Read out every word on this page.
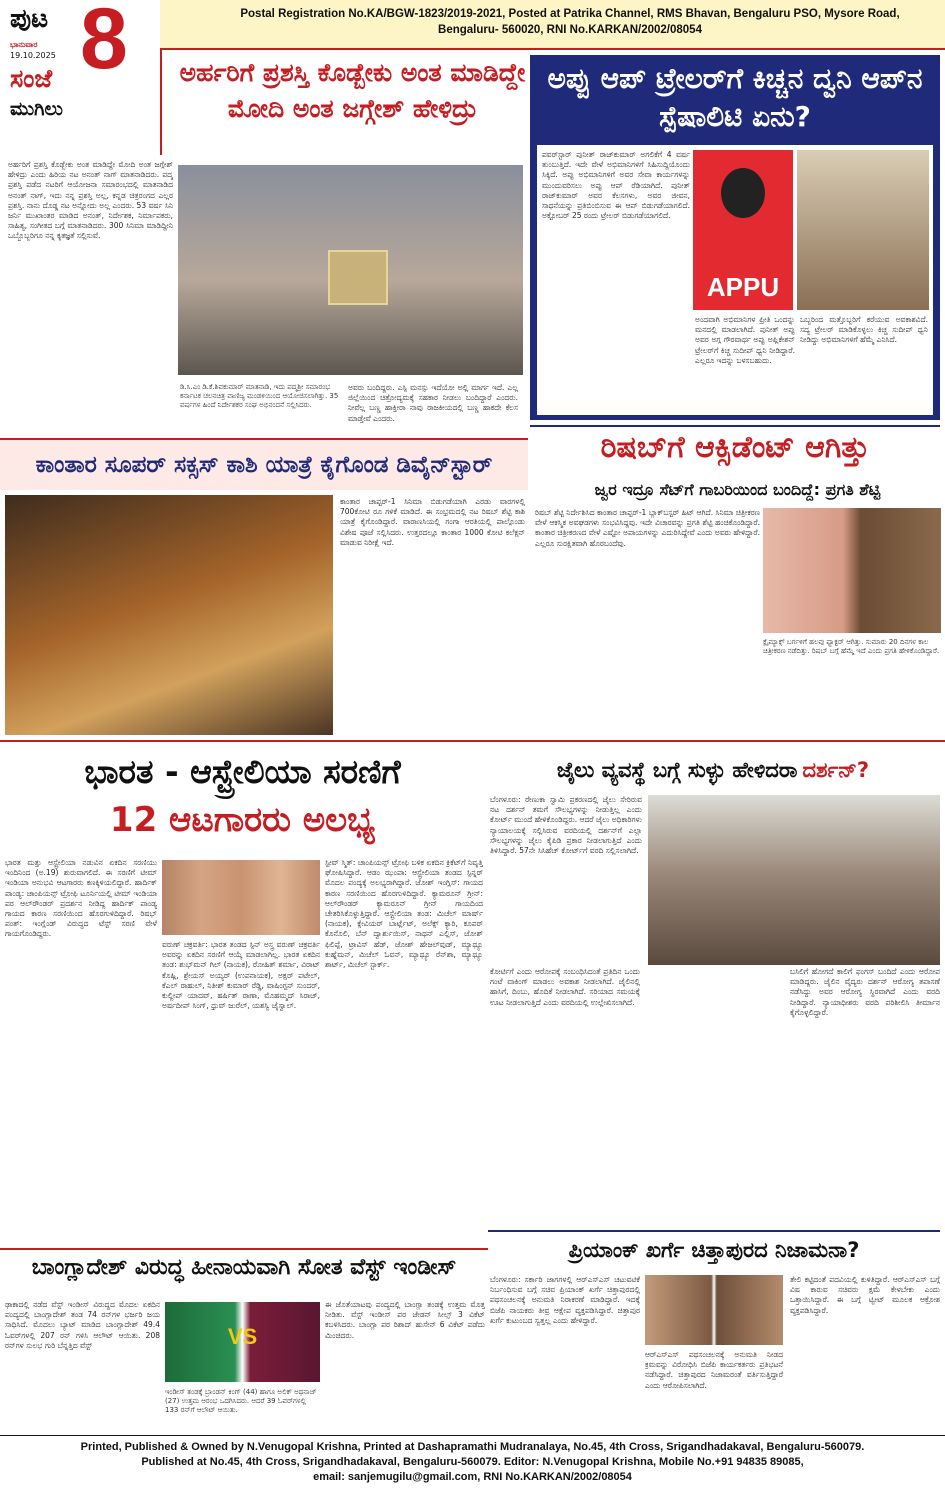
Postal Registration No.KA/BGW-1823/2019-2021, Posted at Patrika Channel, RMS Bhavan, Bengaluru PSO, Mysore Road, Bengaluru- 560020, RNI No.KARKAN/2002/08054
ಪುಟ 8
ಭಾನುವಾರ
19.10.2025
ಸಂಜೆ
ಮುಗಿಲು
ಅರ್ಹರಿಗೆ ಪ್ರಶಸ್ತಿ ಕೊಡ್ಬೇಕು ಅಂತ ಮಾಡಿದ್ದೇ ಮೋದಿ ಅಂತ ಜಗ್ಗೇಶ್ ಹೇಳಿದ್ರು
ಅರ್ಹರಿಗೆ ಪ್ರಶಸ್ತಿ ಕೊಡ್ಬೇಕು ಅಂತ ಮಾಡಿದ್ದೇ ಮೋದಿ ಅಂತ ಜಗ್ಗೇಶ್ ಹೇಳಿದ್ರು ಎಂದು ಹಿರಿಯ ನಟ ಅನಂತ್ ನಾಗ್ ಮಾತನಾಡಿದರು. ಪದ್ಮ ಪ್ರಶಸ್ತಿ ಪಡೆದ ನಟರಿಗೆ ಆಯೋಜನಾ ಸಮಾರಂಭದಲ್ಲಿ ಮಾತನಾಡಿದ ಅನಂತ್ ನಾಗ್, ಇದು ನನ್ನ ಪ್ರಶಸ್ತಿ ಅಲ್ಲ, ಕನ್ನಡ ಚಿತ್ರರಂಗದ ಎಲ್ಲರ ಪ್ರಶಸ್ತಿ. ನಾನು ದೊಡ್ಡ ನಟ ಅನ್ನೋದು ಅಲ್ಲ ಎಂದರು. 53 ವರ್ಷ ಸಿನಿ ಜರ್ನಿ ಮುಖಾಂತರ ಮಾಡಿದ ಅನಂತ್, ನಿರ್ದೇಶಕ, ನಿರ್ಮಾಪಕರು, ಸಾಹಿತ್ಯ, ಸಂಗೀತದ ಬಗ್ಗೆ ಮಾತನಾಡಿದರು. 300 ಸಿನಿಮಾ ಮಾಡಿದ್ದೀನಿ ಒಬ್ಬೊಬ್ಬರಿಗೂ ನನ್ನ ಕೃತಜ್ಞತೆ ಸಲ್ಲಿಸುವೆ.
ಡಿ.ಸಿ.ಎಂ ಡಿ.ಕೆ.ಶಿವಕುಮಾರ್ ಮಾತನಾಡಿ, ಇದು ಪದ್ಮಶ್ರೀ ಸಮಾರಂಭ ಕರ್ನಾಟಕ ಚಲನಚಿತ್ರ ವಾಣಿಜ್ಯ ಮಂಡಳಿಯಿಂದ ಆಯೋಜಿಸಲಾಗಿತ್ತು. 35 ವರ್ಷಗಳ ಹಿಂದೆ ನಿರ್ದೇಶಕರ ಸಂಘ ಅಭಿನಂದನೆ ಸಲ್ಲಿಸಿದರು.
ಅವರು ಬಂದಿದ್ದರು. ಎಸ್ಪಿ ಮನಸ್ಸು ಇದೆಯೋ ಅಲ್ಲಿ ಮಾರ್ಗ ಇದೆ. ಎಲ್ಲ ಜಿಲ್ಲೆಯಿಂದ ಚಿತ್ರೋದ್ಯಮಕ್ಕೆ ಸಹಕಾರ ನೀಡಲು ಬಂದಿದ್ದಾರೆ ಎಂದರು. ನೀವೆಲ್ಲ ಬಣ್ಣ ಹಾಕ್ತೀರಾ ನಾವು ರಾಜಕೀಯದಲ್ಲಿ ಬಣ್ಣ ಹಾಕದೇ ಕೆಲಸ ಮಾಡ್ತೇವೆ ಎಂದರು.
ಅಪ್ಪು ಆಪ್ ಟ್ರೇಲರ್‌ಗೆ ಕಿಚ್ಚನ ದ್ವನಿ ಆಪ್‌ನ ಸ್ಪೆಷಾಲಿಟಿ ಏನು?
ಪವರ್‌ಸ್ಟಾರ್ ಪುನೀತ್ ರಾಜ್‌ಕುಮಾರ್ ಅಗಲಿಕೆಗೆ 4 ವರ್ಷ ತುಂಬುತ್ತಿದೆ. ಇದೇ ವೇಳೆ ಅಭಿಮಾನಿಗಳಿಗೆ ಸಿಹಿಸುದ್ದಿಯೊಂದು ಸಿಕ್ಕಿದೆ. ಅಪ್ಪು ಅಭಿಮಾನಿಗಳಿಗೆ ಅವರ ಸೇವಾ ಕಾರ್ಯಗಳನ್ನು ಮುಂದುವರಿಸಲು ಅಪ್ಪು ಆಪ್ ರೆಡಿಯಾಗಿದೆ. ಪುನೀತ್ ರಾಜ್‌ಕುಮಾರ್ ಅವರ ಕೆಲಸಗಳು, ಅವರ ಜೀವನ, ಸಾಧನೆಯನ್ನು ಪ್ರತಿಬಿಂಬಿಸುವ ಈ ಆಪ್ ಬಿಡುಗಡೆಯಾಗಲಿದೆ. ಅಕ್ಟೋಬರ್ 25 ರಂದು ಟ್ರೇಲರ್ ಬಿಡುಗಡೆಯಾಗಲಿದೆ.
APPU
ಅಂದವಾಗಿ ಅಭಿಮಾನಿಗಳ ಪ್ರೀತಿ ಒಂದನ್ನು ಮನದಲ್ಲಿ ಮಾಡಲಾಗಿದೆ. ಪುನೀತ್ ಅಪ್ಪು ಅವರ ಅಗ್ಗ ಗೌರವಾರ್ಥ ಅಪ್ಪು ಅಪ್ಲಿಕೇಶನ್ ಟ್ರೇಲರ್‌ಗೆ ಕಿಚ್ಚ ಸುದೀಪ್ ಧ್ವನಿ ನೀಡಿದ್ದಾರೆ. ಎಲ್ಲರೂ ಇದನ್ನು ಬಳಸಬಹುದು.
ಒಬ್ಬರಿಂದ ಮತ್ತೊಬ್ಬರಿಗೆ ಕರೆಯುವ ಅವಕಾಶವಿದೆ. ಸದ್ಯ ಟ್ರೇಲರ್ ಮಾಡಿಕೊಳ್ಳಲು ಕಿಚ್ಚ ಸುದೀಪ್ ಧ್ವನಿ ನೀಡಿದ್ದು ಅಭಿಮಾನಿಗಳಿಗೆ ಹೆಮ್ಮೆ ಎನಿಸಿದೆ.
ಕಾಂತಾರ ಸೂಪರ್ ಸಕ್ಸಸ್ ಕಾಶಿ ಯಾತ್ರೆ ಕೈಗೊಂಡ ಡಿವೈನ್‌ಸ್ಟಾರ್
ಕಾಂತಾರ ಚಾಪ್ಟರ್-1 ಸಿನಿಮಾ ಬಿಡುಗಡೆಯಾಗಿ ಎರಡು ವಾರಗಳಲ್ಲಿ 700ಕೋಟಿ ರೂ ಗಳಿಕೆ ಮಾಡಿದೆ. ಈ ಸಂಭ್ರಮದಲ್ಲಿ ನಟ ರಿಷಬ್ ಶೆಟ್ಟಿ ಕಾಶಿ ಯಾತ್ರೆ ಕೈಗೊಂಡಿದ್ದಾರೆ. ವಾರಾಣಸಿಯಲ್ಲಿ ಗಂಗಾ ಆರತಿಯಲ್ಲಿ ಪಾಲ್ಗೊಂಡು ವಿಶೇಷ ಪೂಜೆ ಸಲ್ಲಿಸಿದರು. ಉತ್ತರದಲ್ಲೂ ಕಾಂತಾರ 1000 ಕೋಟಿ ಕಲೆಕ್ಷನ್ ಮಾಡುವ ನಿರೀಕ್ಷೆ ಇದೆ.
ರಿಷಬ್‌ಗೆ ಆಕ್ಸಿಡೆಂಟ್ ಆಗಿತ್ತು
ಜ್ವರ ಇದ್ರೂ ಸೆಟ್‌ಗೆ ಗಾಬರಿಯಿಂದ ಬಂದಿದ್ದೆ: ಪ್ರಗತಿ ಶೆಟ್ಟಿ
ರಿಷಬ್ ಶೆಟ್ಟಿ ನಿರ್ದೇಶಿಸಿದ ಕಾಂತಾರ ಚಾಪ್ಟರ್-1 ಬ್ಲಾಕ್‌ಬಸ್ಟರ್ ಹಿಟ್ ಆಗಿದೆ. ಸಿನಿಮಾ ಚಿತ್ರೀಕರಣ ವೇಳೆ ಆಕಸ್ಮಿಕ ಅವಘಡಗಳು ಸಂಭವಿಸಿದ್ದವು. ಇದೇ ವಿಚಾರವನ್ನು ಪ್ರಗತಿ ಶೆಟ್ಟಿ ಹಂಚಿಕೊಂಡಿದ್ದಾರೆ. ಕಾಂತಾರ ಚಿತ್ರೀಕರಣದ ವೇಳೆ ಎಷ್ಟೋ ಅಪಾಯಗಳನ್ನು ಎದುರಿಸಿದ್ದೇವೆ ಎಂದು ಅವರು ಹೇಳಿದ್ದಾರೆ. ಎಲ್ಲರೂ ಸುರಕ್ಷಿತವಾಗಿ ಹೊರಬಂದೆವು.
ಕ್ಲೈಮ್ಯಾಕ್ಸ್ ಬರ್ಗಳಿಗೆ ಹಲವು ಫ್ಯಾಕ್ಟರ್ ಆಗಿತ್ತು. ಸುಮಾರು 20 ದಿನಗಳ ಕಾಲ ಚಿತ್ರೀಕರಣ ನಡೆದಿತ್ತು. ರಿಷಬ್ ಬಗ್ಗೆ ಹೆಮ್ಮೆ ಇದೆ ಎಂದು ಪ್ರಗತಿ ಹೇಳಿಕೊಂಡಿದ್ದಾರೆ.
ಭಾರತ - ಆಸ್ಟ್ರೇಲಿಯಾ ಸರಣಿಗೆ
12 ಆಟಗಾರರು ಅಲಭ್ಯ
ಭಾರತ ಮತ್ತು ಆಸ್ಟ್ರೇಲಿಯಾ ನಡುವಿನ ಏಕದಿನ ಸರಣಿಯು ಇಂದಿನಿಂದ (ಅ.19) ಶುರುವಾಗಲಿದೆ. ಈ ಸರಣಿಗೆ ಟೀಮ್ ಇಂಡಿಯಾ ಅನುಭವಿ ಆಟಗಾರರು ಕಣಕ್ಕಿಳಿಯಲಿದ್ದಾರೆ. ಹಾರ್ದಿಕ್ ಪಾಂಡ್ಯ: ಚಾಂಪಿಯನ್ಸ್ ಟ್ರೋಫಿ ಟೂರ್ನಿಯಲ್ಲಿ ಟೀಮ್ ಇಂಡಿಯಾ ಪರ ಆಲ್‌ರೌಂಡರ್ ಪ್ರದರ್ಶನ ನೀಡಿದ್ದ ಹಾರ್ದಿಕ್ ಪಾಂಡ್ಯ ಗಾಯದ ಕಾರಣ ಸರಣಿಯಿಂದ ಹೊರಗುಳಿದಿದ್ದಾರೆ. ರಿಷಭ್ ಪಂತ್: ಇಂಗ್ಲೆಂಡ್ ವಿರುದ್ಧದ ಟೆಸ್ಟ್ ಸರಣಿ ವೇಳೆ ಗಾಯಗೊಂಡಿದ್ದರು.
ವರುಣ್ ಚಕ್ರವರ್ತಿ: ಭಾರತ ತಂಡದ ಸ್ಪಿನ್ ಅಸ್ತ್ರ ವರುಣ್ ಚಕ್ರವರ್ತಿ ಅವರನ್ನು ಏಕದಿನ ಸರಣಿಗೆ ಆಯ್ಕೆ ಮಾಡಲಾಗಿಲ್ಲ. ಭಾರತ ಏಕದಿನ ತಂಡ: ಶುಭ್‌ಮನ್ ಗಿಲ್ (ನಾಯಕ), ರೋಹಿತ್ ಶರ್ಮಾ, ವಿರಾಟ್ ಕೊಹ್ಲಿ, ಶ್ರೇಯಸ್ ಅಯ್ಯರ್ (ಉಪನಾಯಕ), ಅಕ್ಷರ್ ಪಟೇಲ್, ಕೆಎಲ್ ರಾಹುಲ್, ನಿತೀಶ್ ಕುಮಾರ್ ರೆಡ್ಡಿ, ವಾಷಿಂಗ್ಟನ್ ಸುಂದರ್, ಕುಲ್ದೀಪ್ ಯಾದವ್, ಹರ್ಷಿತ್ ರಾಣಾ, ಮೊಹಮ್ಮದ್ ಸಿರಾಜ್, ಅರ್ಷದೀಪ್ ಸಿಂಗ್, ಧ್ರುವ್ ಜುರೆಲ್, ಯಶಸ್ವಿ ಜೈಸ್ವಾಲ್.
ಸ್ಟೀವ್ ಸ್ಮಿತ್: ಚಾಂಪಿಯನ್ಸ್ ಟ್ರೋಫಿ ಬಳಿಕ ಏಕದಿನ ಕ್ರಿಕೆಟ್‌ಗೆ ನಿವೃತ್ತಿ ಘೋಷಿಸಿದ್ದಾರೆ. ಆಡಂ ಝಂಪಾ: ಆಸ್ಟ್ರೇಲಿಯಾ ತಂಡದ ಸ್ಪಿನ್ನರ್ ಮೊದಲ ಪಂದ್ಯಕ್ಕೆ ಅಲಭ್ಯರಾಗಿದ್ದಾರೆ. ಜೋಶ್ ಇಂಗ್ಲಿಸ್: ಗಾಯದ ಕಾರಣ ಸರಣಿಯಿಂದ ಹೊರಗುಳಿದಿದ್ದಾರೆ. ಕ್ಯಾಮರೂನ್ ಗ್ರೀನ್: ಆಲ್‌ರೌಂಡರ್ ಕ್ಯಾಮರೂನ್ ಗ್ರೀನ್ ಗಾಯದಿಂದ ಚೇತರಿಸಿಕೊಳ್ಳುತ್ತಿದ್ದಾರೆ. ಆಸ್ಟ್ರೇಲಿಯಾ ತಂಡ: ಮಿಚೆಲ್ ಮಾರ್ಷ್ (ನಾಯಕ), ಕ್ಸೇವಿಯರ್ ಬಾರ್ಟ್ಲೆಟ್, ಅಲೆಕ್ಸ್ ಕ್ಯಾರಿ, ಕೂಪರ್ ಕೊನೊಲಿ, ಬೆನ್ ದ್ವಾರ್ಶುಯಿಸ್, ನಾಥನ್ ಎಲ್ಲಿಸ್, ಜೋಶ್ ಫಿಲಿಪ್ಪೆ, ಟ್ರಾವಿಸ್ ಹೆಡ್, ಜೋಶ್ ಹೇಜಲ್‌ವುಡ್, ಮ್ಯಾಥ್ಯೂ ಕುಹ್ನೆಮನ್, ಮಿಚೆಲ್ ಓವನ್, ಮ್ಯಾಥ್ಯೂ ರೆನ್‌ಶಾ, ಮ್ಯಾಥ್ಯೂ ಶಾರ್ಟ್, ಮಿಚೆಲ್ ಸ್ಟಾರ್ಕ್.
ಜೈಲು ವ್ಯವಸ್ಥೆ ಬಗ್ಗೆ ಸುಳ್ಳು ಹೇಳಿದರಾ ದರ್ಶನ್?
ಬೆಂಗಳೂರು: ರೇಣುಕಾ ಸ್ವಾಮಿ ಪ್ರಕರಣದಲ್ಲಿ ಜೈಲು ಸೇರಿರುವ ನಟ ದರ್ಶನ್ ತಮಗೆ ಸೌಲಭ್ಯಗಳನ್ನು ನೀಡುತ್ತಿಲ್ಲ ಎಂದು ಕೋರ್ಟ್ ಮುಂದೆ ಹೇಳಿಕೊಂಡಿದ್ದರು. ಆದರೆ ಜೈಲು ಅಧಿಕಾರಿಗಳು ನ್ಯಾಯಾಲಯಕ್ಕೆ ಸಲ್ಲಿಸಿರುವ ವರದಿಯಲ್ಲಿ ದರ್ಶನ್‌ಗೆ ಎಲ್ಲಾ ಸೌಲಭ್ಯಗಳನ್ನು ಜೈಲು ಕೈಪಿಡಿ ಪ್ರಕಾರ ನೀಡಲಾಗುತ್ತಿದೆ ಎಂದು ತಿಳಿಸಿದ್ದಾರೆ. 57ನೇ ಸಿಸಿಹೆಚ್ ಕೋರ್ಟ್‌ಗೆ ವರದಿ ಸಲ್ಲಿಸಲಾಗಿದೆ.
ಕೋರ್ಟಿಗೆ ಎಂದು ಆರೋಪಕ್ಕೆ ಸಂಬಂಧಿಸಿದಂತೆ ಪ್ರತಿದಿನ ಒಂದು ಗಂಟೆ ವಾಕಿಂಗ್ ಮಾಡಲು ಅವಕಾಶ ನೀಡಲಾಗಿದೆ. ಜೈಲಿನಲ್ಲಿ ಹಾಸಿಗೆ, ದಿಂಬು, ಹೊದಿಕೆ ನೀಡಲಾಗಿದೆ. ಸರಿಯಾದ ಸಮಯಕ್ಕೆ ಊಟ ನೀಡಲಾಗುತ್ತಿದೆ ಎಂದು ವರದಿಯಲ್ಲಿ ಉಲ್ಲೇಖಿಸಲಾಗಿದೆ.
ಬಸಿಲಿಗೆ ಹೋಗದೆ ಕಾಲಿಗೆ ಫಂಗಸ್ ಬಂದಿದೆ ಎಂದು ಆರೋಪ ಮಾಡಿದ್ದರು. ಜೈಲಿನ ವೈದ್ಯರು ದರ್ಶನ್ ಆರೋಗ್ಯ ತಪಾಸಣೆ ನಡೆಸಿದ್ದು ಅವರ ಆರೋಗ್ಯ ಸ್ಥಿರವಾಗಿದೆ ಎಂದು ವರದಿ ನೀಡಿದ್ದಾರೆ. ನ್ಯಾಯಾಧೀಶರು ವರದಿ ಪರಿಶೀಲಿಸಿ ತೀರ್ಮಾನ ಕೈಗೊಳ್ಳಲಿದ್ದಾರೆ.
ಬಾಂಗ್ಲಾದೇಶ್ ವಿರುದ್ಧ ಹೀನಾಯವಾಗಿ ಸೋತ ವೆಸ್ಟ್ ಇಂಡೀಸ್
ಢಾಕಾದಲ್ಲಿ ನಡೆದ ವೆಸ್ಟ್ ಇಂಡೀಸ್ ವಿರುದ್ಧದ ಮೊದಲ ಏಕದಿನ ಪಂದ್ಯದಲ್ಲಿ ಬಾಂಗ್ಲಾದೇಶ್ ತಂಡ 74 ರನ್‌ಗಳ ಭರ್ಜರಿ ಜಯ ಸಾಧಿಸಿದೆ. ಮೊದಲು ಬ್ಯಾಟ್ ಮಾಡಿದ ಬಾಂಗ್ಲಾದೇಶ್ 49.4 ಓವರ್‌ಗಳಲ್ಲಿ 207 ರನ್ ಗಳಿಸಿ ಆಲೌಟ್ ಆಯಿತು. 208 ರನ್‌ಗಳ ಸುಲಭ ಗುರಿ ಬೆನ್ನತ್ತಿದ ವೆಸ್ಟ್	VS
ಇಂಡೀಸ್ ತಂಡಕ್ಕೆ ಬ್ರಾಂಡನ್ ಕಿಂಗ್ (44) ಹಾಗೂ ಅಲಿಕ್ ಅಥನಾಜ್ (27) ಉತ್ತಮ ಆರಂಭ ಒದಗಿಸಿದರು. ಆದರೆ 39 ಓವರ್‌ಗಳಲ್ಲಿ 133 ರನ್‌ಗೆ ಆಲೌಟ್ ಆಯಿತು.
ಈ ಜೊತೆಯಾಟವು ಪಂದ್ಯದಲ್ಲಿ ಬಾಂಗ್ಲಾ ತಂಡಕ್ಕೆ ಉತ್ತಮ ಮೊತ್ತ ನೀಡಿತು. ವೆಸ್ಟ್ ಇಂಡೀಸ್ ಪರ ಜೇಡನ್ ಸೀಲ್ಸ್ 3 ವಿಕೆಟ್ ಕಬಳಿಸಿದರು. ಬಾಂಗ್ಲಾ ಪರ ರಿಶಾದ್ ಹುಸೇನ್ 6 ವಿಕೆಟ್ ಪಡೆದು ಮಿಂಚಿದರು.
ಪ್ರಿಯಾಂಕ್ ಖರ್ಗೆ ಚಿತ್ತಾಪುರದ ನಿಜಾಮನಾ?
ಬೆಂಗಳೂರು: ಸರ್ಕಾರಿ ಜಾಗಗಳಲ್ಲಿ ಆರ್‌ಎಸ್‌ಎಸ್ ಚಟುವಟಿಕೆ ನಿರ್ಬಂಧಿಸುವ ಬಗ್ಗೆ ಸಚಿವ ಪ್ರಿಯಾಂಕ್ ಖರ್ಗೆ ಚಿತ್ತಾಪುರದಲ್ಲಿ ಪಥಸಂಚಲನಕ್ಕೆ ಅನುಮತಿ ನಿರಾಕರಣೆ ಮಾಡಿದ್ದಾರೆ. ಇದಕ್ಕೆ ಬಿಜೆಪಿ ನಾಯಕರು ತೀವ್ರ ಆಕ್ಷೇಪ ವ್ಯಕ್ತಪಡಿಸಿದ್ದಾರೆ. ಚಿತ್ತಾಪುರ ಖರ್ಗೆ ಕುಟುಂಬದ ಸ್ವತ್ತಲ್ಲ ಎಂದು ಹೇಳಿದ್ದಾರೆ.
ಆರ್‌ಎಸ್‌ಎಸ್ ಪಥಸಂಚಲನಕ್ಕೆ ಅನುಮತಿ ನೀಡದ ಕ್ರಮವನ್ನು ವಿರೋಧಿಸಿ ಬಿಜೆಪಿ ಕಾರ್ಯಕರ್ತರು ಪ್ರತಿಭಟನೆ ನಡೆಸಿದ್ದಾರೆ. ಚಿತ್ತಾಪುರದ ನಿಜಾಮರಂತೆ ವರ್ತಿಸುತ್ತಿದ್ದಾರೆ ಎಂದು ಆರೋಪಿಸಲಾಗಿದೆ.
ತೇಲಿ ಕಟ್ಟಿದಂತೆ ಪದವಿಯಲ್ಲಿ ಕುಳಿತಿದ್ದಾರೆ. ಆರ್‌ಎಸ್‌ಎಸ್ ಬಗ್ಗೆ ವಿಷ ಕಾರುವ ಸಚಿವರು ಕ್ಷಮೆ ಕೇಳಬೇಕು ಎಂದು ಒತ್ತಾಯಿಸಿದ್ದಾರೆ. ಈ ಬಗ್ಗೆ ಟ್ವೀಟ್ ಮೂಲಕ ಆಕ್ರೋಶ ವ್ಯಕ್ತಪಡಿಸಿದ್ದಾರೆ.
Printed, Published & Owned by N.Venugopal Krishna, Printed at Dashapramathi Mudranalaya, No.45, 4th Cross, Srigandhadakaval, Bengaluru-560079.
Published at No.45, 4th Cross, Srigandhadakaval, Bengaluru-560079. Editor: N.Venugopal Krishna, Mobile No.+91 94835 89085,
email: sanjemugilu@gmail.com, RNI No.KARKAN/2002/08054
